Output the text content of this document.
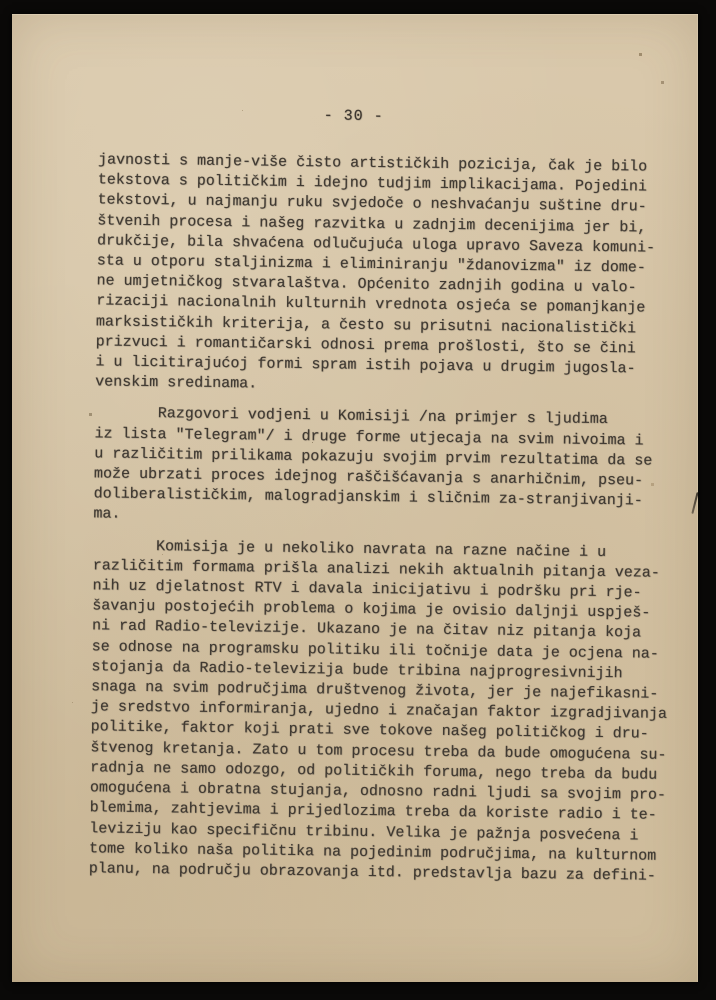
- 30 -
javnosti s manje-više čisto artističkih pozicija, čak je bilo
tekstova s političkim i idejno tudjim implikacijama. Pojedini
tekstovi, u najmanju ruku svjedoče o neshvaćanju suštine dru-
štvenih procesa i našeg razvitka u zadnjim decenijima jer bi,
drukčije, bila shvaćena odlučujuća uloga upravo Saveza komuni-
sta u otporu staljinizma i eliminiranju "ždanovizma" iz dome-
ne umjetničkog stvaralaštva. Općenito zadnjih godina u valo-
rizaciji nacionalnih kulturnih vrednota osjeća se pomanjkanje
marksističkih kriterija, a često su prisutni nacionalistički
prizvuci i romantičarski odnosi prema prošlosti, što se čini
i u licitirajućoj formi spram istih pojava u drugim jugosla-
venskim sredinama.
Razgovori vodjeni u Komisiji /na primjer s ljudima
iz lista "Telegram"/ i druge forme utjecaja na svim nivoima i
u različitim prilikama pokazuju svojim prvim rezultatima da se
može ubrzati proces idejnog raščišćavanja s anarhičnim, pseu-
doliberalističkim, malogradjanskim i sličnim za-stranjivanji-
ma.
Komisija je u nekoliko navrata na razne načine i u
različitim formama prišla analizi nekih aktualnih pitanja veza-
nih uz djelatnost RTV i davala inicijativu i podršku pri rje-
šavanju postojećih problema o kojima je ovisio daljnji uspješ-
ni rad Radio-televizije. Ukazano je na čitav niz pitanja koja
se odnose na programsku politiku ili točnije data je ocjena na-
stojanja da Radio-televizija bude tribina najprogresivnijih
snaga na svim područjima društvenog života, jer je najefikasni-
je sredstvo informiranja, ujedno i značajan faktor izgradjivanja
politike, faktor koji prati sve tokove našeg političkog i dru-
štvenog kretanja. Zato u tom procesu treba da bude omogućena su-
radnja ne samo odozgo, od političkih foruma, nego treba da budu
omogućena i obratna stujanja, odnosno radni ljudi sa svojim pro-
blemima, zahtjevima i prijedlozima treba da koriste radio i te-
leviziju kao specifičnu tribinu. Velika je pažnja posvećena i
tome koliko naša politika na pojedinim područjima, na kulturnom
planu, na području obrazovanja itd. predstavlja bazu za defini-
